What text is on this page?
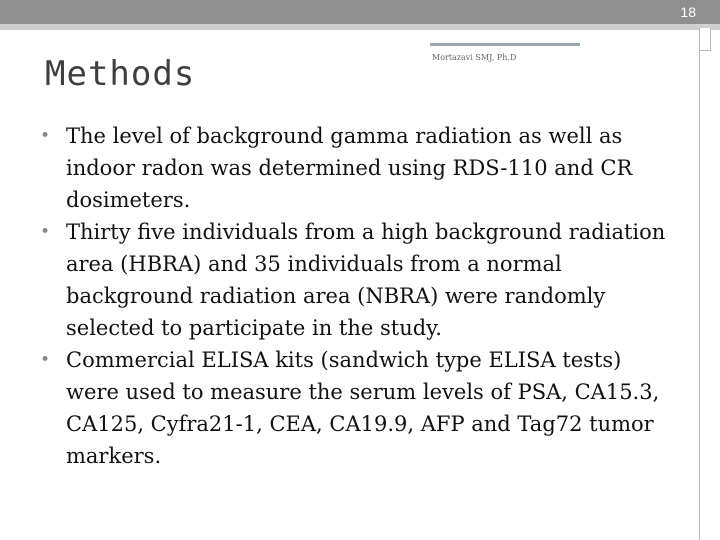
18
Methods	Mortazavi SMJ, Ph.D
• The level of background gamma radiation as well as indoor radon was determined using RDS-110 and CR dosimeters.
• Thirty five individuals from a high background radiation area (HBRA) and 35 individuals from a normal background radiation area (NBRA) were randomly selected to participate in the study.
• Commercial ELISA kits (sandwich type ELISA tests) were used to measure the serum levels of PSA, CA15.3, CA125, Cyfra21-1, CEA, CA19.9, AFP and Tag72 tumor markers.
